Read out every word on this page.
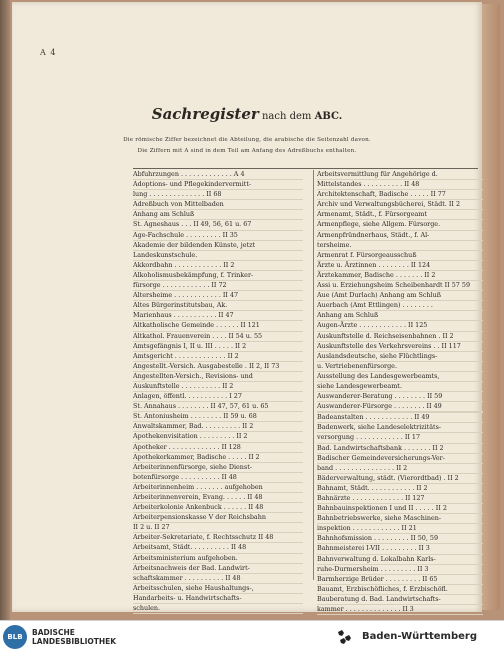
A 4
Sachregister nach dem ABC.
Die römische Ziffer bezeichnet die Abteilung, die arabische die Seitenzahl davon.
Die Ziffern mit A sind in dem Teil am Anfang des Adreßbuchs enthalten.
Abfuhrzungen . . . . . . . . . . . . . A 4
Adoptions- und Pflegekindervermitt-
lung . . . . . . . . . . . . . . II 68
Adreßbuch von Mittelbaden
Anhang am Schluß
St. Agneshaus . . . II 49, 56, 61 u. 67
Age-Fachschule . . . . . . . . . II 35
Akademie der bildenden Künste, jetzt
Landeskunstschule.
Akkordbahn . . . . . . . . . . . . II 2
Alkoholismusbekämpfung, f. Trinker-
fürsorge . . . . . . . . . . . . II 72
Altersheime . . . . . . . . . . . . II 47
Altes Bürgerinstitutsbau, Ak.
Marienhaus . . . . . . . . . . . II 47
Altkatholische Gemeinde . . . . . . II 121
Altkathol. Frauenverein . . . . II 54 u. 55
Amtsgefängnis I, II u. III . . . . . II 2
Amtsgericht . . . . . . . . . . . . . II 2
Angestellt.-Versich. Ausgabestelle . II 2, II 73
Angestellten-Versich., Revisions- und
Auskunftstelle . . . . . . . . . . II 2
Anlagen, öffentl. . . . . . . . . . . I 27
St. Annahaus . . . . . . . . II 47, 57, 61 u. 65
St. Antoniusheim . . . . . . . . II 59 u. 68
Anwaltskammer, Bad. . . . . . . . . . II 2
Apothekenvisitation . . . . . . . . . II 2
Apotheker . . . . . . . . . . . . . II 128
Apothekerkammer, Badische . . . . . II 2
Arbeiterinnenfürsorge, siehe Dienst-
botenfürsorge . . . . . . . . . . II 48
Arbeiterinnenheim . . . . . . . aufgehoben
Arbeiterinnenverein, Evang. . . . . . II 48
Arbeiterkolonie Ankenbuck . . . . . . II 48
Arbeiterpensionskasse V der Reichsbahn
II 2 u. II 27
Arbeiter-Sekretariate, f. Rechtsschutz II 48
Arbeitsamt, Städt. . . . . . . . . . II 48
Arbeitsministerium aufgehoben.
Arbeitsnachweis der Bad. Landwirt-
schaftskammer . . . . . . . . . . II 48
Arbeitsschulen, siehe Haushaltungs-,
Handarbeits- u. Handwirtschafts-
schulen.
Arbeitsvermittlung für Angehörige d.
Mittelstandes . . . . . . . . . . II 48
Architektenschaft, Badische . . . . . II 77
Archiv und Verwaltungsbücherei, Städt. II 2
Armenamt, Städt., f. Fürsorgeamt
Armenpflege, siehe Allgem. Fürsorge.
Armenpfründnerhaus, Städt., f. Al-
tersheime.
Armenrat f. Fürsorgeausschuß
Ärzte u. Ärztinnen . . . . . . . . II 124
Ärztekammer, Badische . . . . . . . II 2
Assi u. Erziehungsheim Scheibenhardt II 57 59
Aue (Amt Durlach) Anhang am Schluß
Auerbach (Amt Ettlingen) . . . . . . . .
Anhang am Schluß
Augen-Ärzte . . . . . . . . . . . . II 125
Auskunftstelle d. Reichseisenbahnen . II 2
Auskunftstelle des Verkehrsvereins . . II 117
Auslandsdeutsche, siehe Flüchtlings-
u. Vertriebenenfürsorge.
Ausstellung des Landesgewerbeamts,
siehe Landesgewerbeamt.
Auswanderer-Beratung . . . . . . . . II 59
Auswanderer-Fürsorge . . . . . . . . II 49
Badeanstalten . . . . . . . . . . . . II 49
Badenwerk, siehe Landeselektrizitäts-
versorgung . . . . . . . . . . . . II 17
Bad. Landwirtschaftsbank . . . . . . . II 2
Badischer Gemeindeversicherungs-Ver-
band . . . . . . . . . . . . . . . II 2
Bäderverwaltung, städt. (Vierordtbad) . II 2
Bahnamt, Städt. . . . . . . . . . . . II 2
Bahnärzte . . . . . . . . . . . . . II 127
Bahnbauinspektionen I und II . . . . . II 2
Bahnbetriebswerke, siehe Maschinen-
inspektion . . . . . . . . . . . . II 21
Bahnhofsmission . . . . . . . . . II 50, 59
Bahnmeisterei I-VII . . . . . . . . . II 3
Bahnverwaltung d. Lokalbahn Karls-
ruhe-Durmersheim . . . . . . . . . II 3
Barmherzige Brüder . . . . . . . . . II 65
Bauamt, Erzbischöfliches, f. Erzbischöfl.
Bauberatung d. Bad. Landwirtschafts-
kammer . . . . . . . . . . . . . . II 3
BLB	BADISCHE
LANDESBIBLIOTHEK	Baden-Württemberg
